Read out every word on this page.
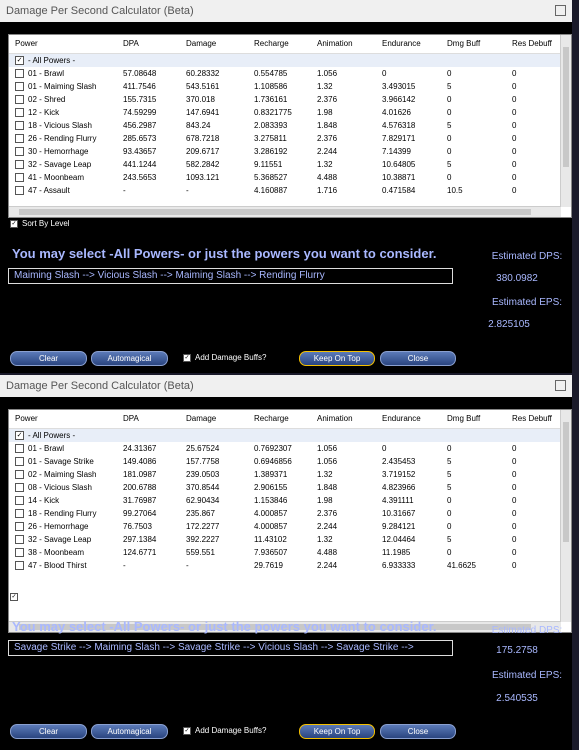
Damage Per Second Calculator (Beta)
Power	DPA	Damage	Recharge	Animation	Endurance	Dmg Buff	Res Debuff
✓ - All Powers -
01 - Brawl	57.08648	60.28332	0.554785	1.056	0	0	0
01 - Maiming Slash	411.7546	543.5161	1.108586	1.32	3.493015	5	0
02 - Shred	155.7315	370.018	1.736161	2.376	3.966142	0	0
12 - Kick	74.59299	147.6941	0.8321775	1.98	4.01626	0	0
18 - Vicious Slash	456.2987	843.24	2.083393	1.848	4.576318	5	0
26 - Rending Flurry	285.6573	678.7218	3.275811	2.376	7.829171	0	0
30 - Hemorrhage	93.43657	209.6717	3.286192	2.244	7.14399	0	0
32 - Savage Leap	441.1244	582.2842	9.11551	1.32	10.64805	5	0
41 - Moonbeam	243.5653	1093.121	5.368527	4.488	10.38871	0	0
47 - Assault	-	-	4.160887	1.716	0.471584	10.5	0
✓ Sort By Level
You may select -All Powers- or just the powers you want to consider.
Maiming Slash --> Vicious Slash --> Maiming Slash --> Rending Flurry
Estimated DPS:
380.0982
Estimated EPS:
2.825105
Clear	Automagical	✓ Add Damage Buffs?	Keep On Top	Close
Damage Per Second Calculator (Beta)
Power	DPA	Damage	Recharge	Animation	Endurance	Dmg Buff	Res Debuff
✓ - All Powers -
01 - Brawl	24.31367	25.67524	0.7692307	1.056	0	0	0
01 - Savage Strike	149.4086	157.7758	0.6946856	1.056	2.435453	5	0
02 - Maiming Slash	181.0987	239.0503	1.389371	1.32	3.719152	5	0
08 - Vicious Slash	200.6788	370.8544	2.906155	1.848	4.823966	5	0
14 - Kick	31.76987	62.90434	1.153846	1.98	4.391111	0	0
18 - Rending Flurry	99.27064	235.867	4.000857	2.376	10.31667	0	0
26 - Hemorrhage	76.7503	172.2277	4.000857	2.244	9.284121	0	0
32 - Savage Leap	297.1384	392.2227	11.43102	1.32	12.04464	5	0
38 - Moonbeam	124.6771	559.551	7.936507	4.488	11.1985	0	0
47 - Blood Thirst	-	-	29.7619	2.244	6.933333	41.6625	0
✓ Sort By Level
You may select -All Powers- or just the powers you want to consider.
Savage Strike --> Maiming Slash --> Savage Strike --> Vicious Slash --> Savage Strike -->
Estimated DPS:
175.2758
Estimated EPS:
2.540535
Clear	Automagical	✓ Add Damage Buffs?	Keep On Top	Close
